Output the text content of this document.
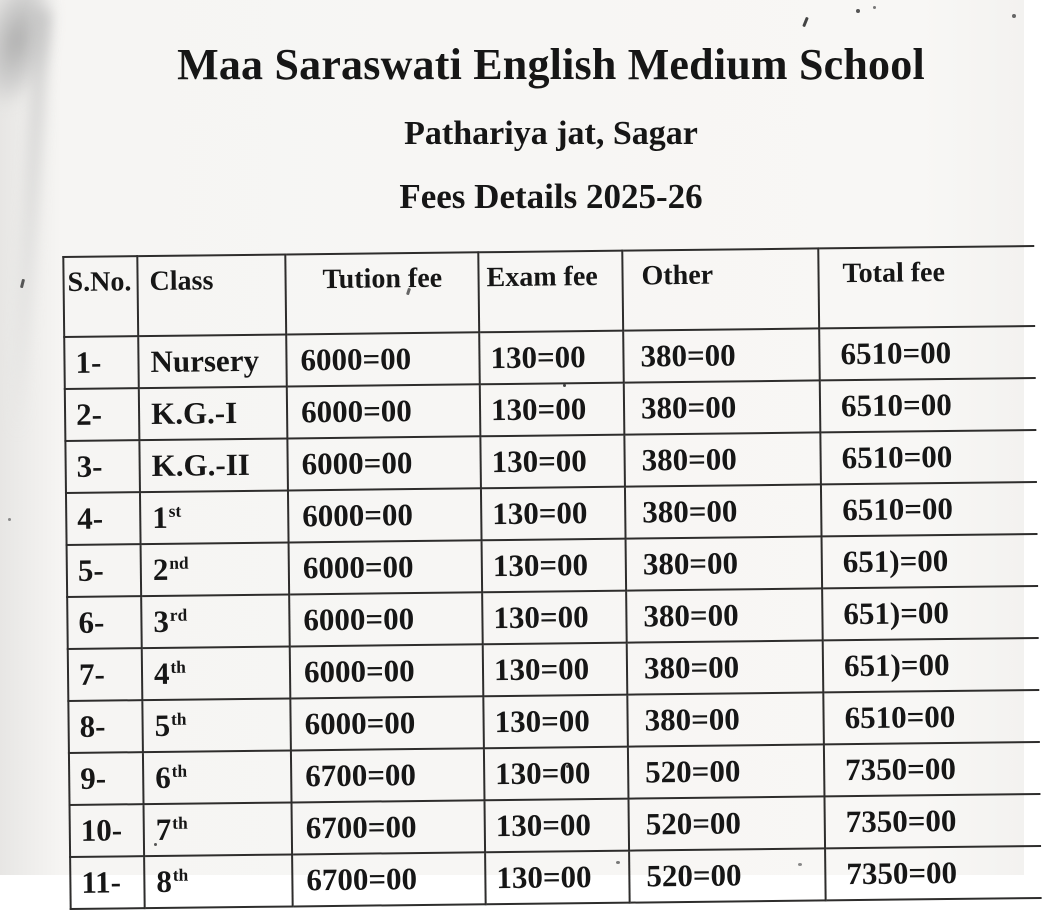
Maa Saraswati English Medium School
Pathariya jat, Sagar
Fees Details 2025-26
S.No.	Class	Tution fee	Exam fee	Other	Total fee
1-	Nursery	6000=00	130=00	380=00	6510=00
2-	K.G.-I	6000=00	130=00	380=00	6510=00
3-	K.G.-II	6000=00	130=00	380=00	6510=00
4-	1st	6000=00	130=00	380=00	6510=00
5-	2nd	6000=00	130=00	380=00	651)=00
6-	3rd	6000=00	130=00	380=00	651)=00
7-	4th	6000=00	130=00	380=00	651)=00
8-	5th	6000=00	130=00	380=00	6510=00
9-	6th	6700=00	130=00	520=00	7350=00
10-	7th	6700=00	130=00	520=00	7350=00
11-	8th	6700=00	130=00	520=00	7350=00
